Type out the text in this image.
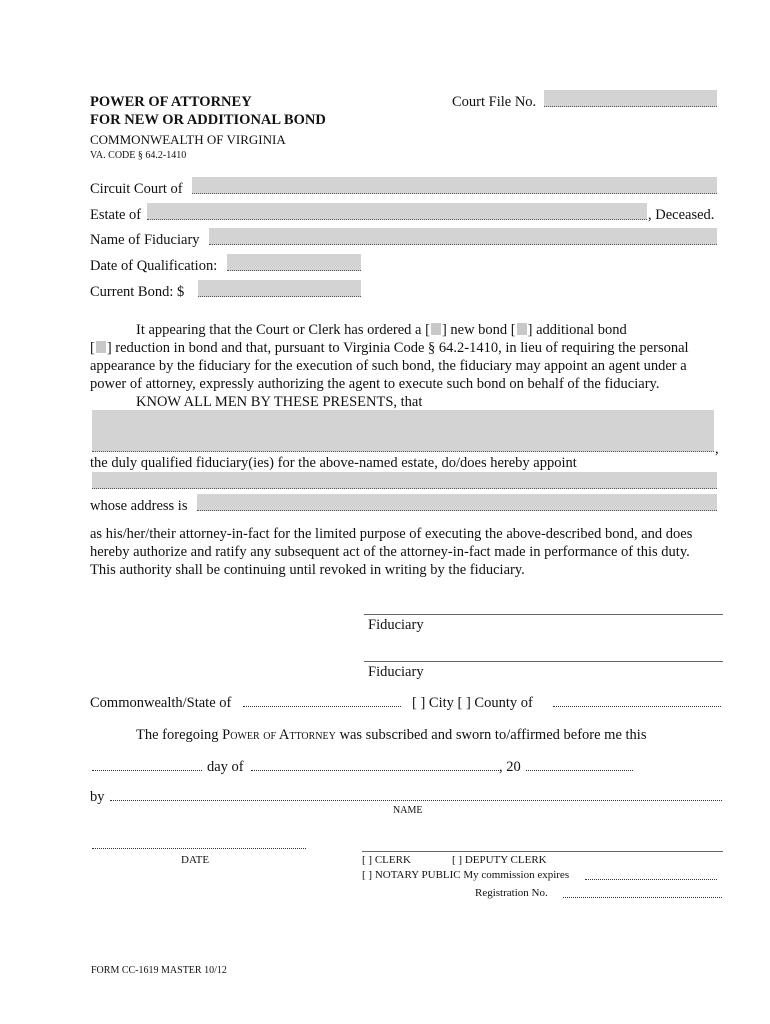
POWER OF ATTORNEY
FOR NEW OR ADDITIONAL BOND
COMMONWEALTH OF VIRGINIA
VA. CODE § 64.2-1410
Court File No.
Circuit Court of
Estate of	, Deceased.
Name of Fiduciary
Date of Qualification:
Current Bond: $
It appearing that the Court or Clerk has ordered a [ ] new bond [ ] additional bond
[ ] reduction in bond and that, pursuant to Virginia Code § 64.2-1410, in lieu of requiring the personal
appearance by the fiduciary for the execution of such bond, the fiduciary may appoint an agent under a
power of attorney, expressly authorizing the agent to execute such bond on behalf of the fiduciary.
KNOW ALL MEN BY THESE PRESENTS, that
,
the duly qualified fiduciary(ies) for the above-named estate, do/does hereby appoint
whose address is
as his/her/their attorney-in-fact for the limited purpose of executing the above-described bond, and does
hereby authorize and ratify any subsequent act of the attorney-in-fact made in performance of this duty.
This authority shall be continuing until revoked in writing by the fiduciary.
Fiduciary
Fiduciary
Commonwealth/State of	[ ] City [ ] County of
The foregoing Power of Attorney was subscribed and sworn to/affirmed before me this
day of	, 20
by
NAME
DATE	[ ] CLERK	[ ] DEPUTY CLERK
[ ] NOTARY PUBLIC My commission expires
Registration No.
FORM CC-1619 MASTER 10/12
